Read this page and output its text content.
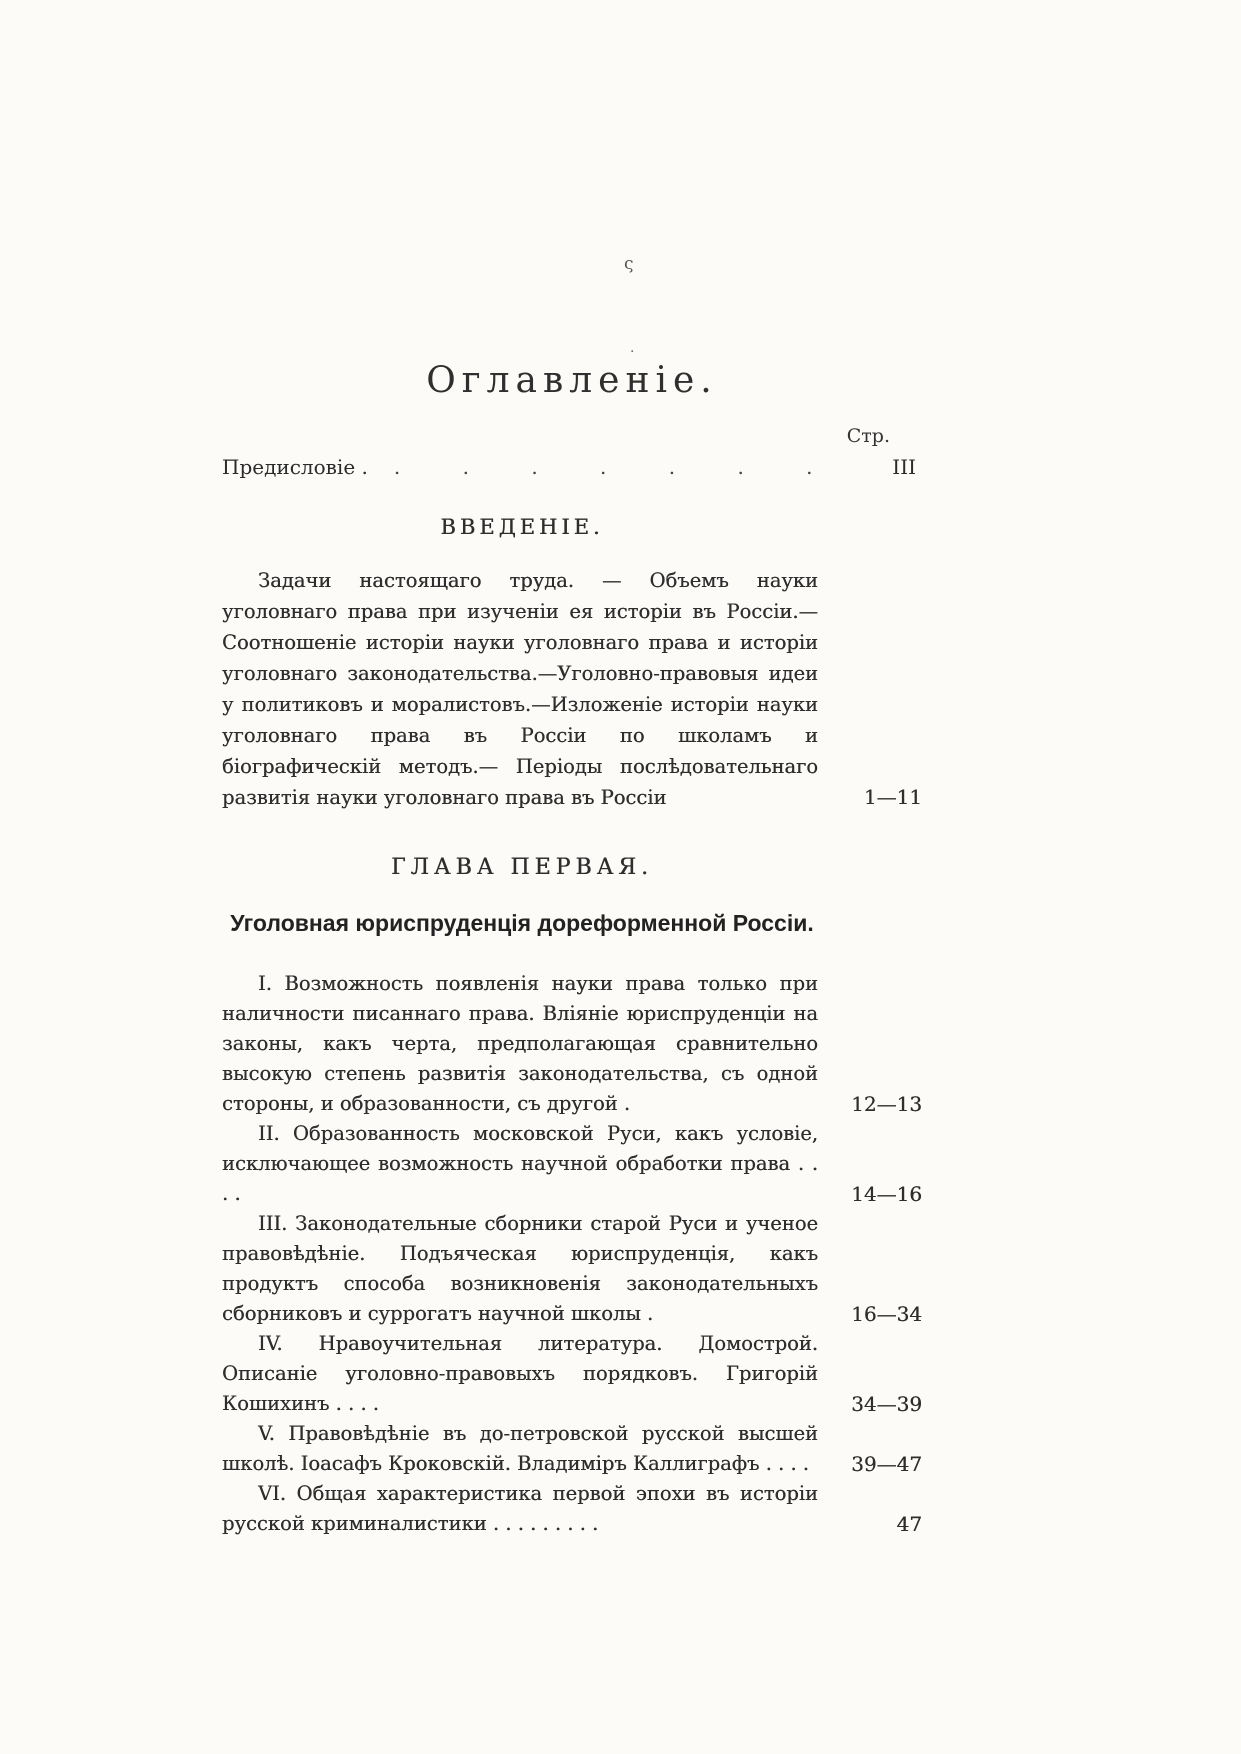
ς
·
Оглавленіе.
Стр.
Предисловіе .	. . . . . . .	III
ВВЕДЕНІЕ.
Задачи настоящаго труда. — Объемъ науки уголовнаго права при изученіи ея исторіи въ Россіи.—Соотношеніе исторіи науки уголовнаго права и исторіи уголовнаго законодательства.—Уголовно-правовыя идеи у политиковъ и моралистовъ.—Изложеніе исторіи науки уголовнаго права въ Россіи по школамъ и біографическій методъ.— Періоды послѣдовательнаго развитія науки уголовнаго права въ Россіи	1—11
ГЛАВА ПЕРВАЯ.
Уголовная юриспруденція дореформенной Россіи.
I. Возможность появленія науки права только при наличности писаннаго права. Вліяніе юриспруденціи на законы, какъ черта, предполагающая сравнительно высокую степень развитія законодательства, съ одной стороны, и образованности, съ другой .	12—13
II. Образованность московской Руси, какъ условіе, исключающее возможность научной обработки права . . . .	14—16
III. Законодательные сборники старой Руси и ученое правовѣдѣніе. Подъяческая юриспруденція, какъ продуктъ способа возникновенія законодательныхъ сборниковъ и суррогатъ научной школы .	16—34
IV. Нравоучительная литература. Домострой. Описаніе уголовно-правовыхъ порядковъ. Григорій Кошихинъ . . . .	34—39
V. Правовѣдѣніе въ до-петровской русской высшей школѣ. Іоасафъ Кроковскій. Владиміръ Каллиграфъ . . . . 39—47
VI. Общая характеристика первой эпохи въ исторіи русской криминалистики . . . . . . . . .	47
